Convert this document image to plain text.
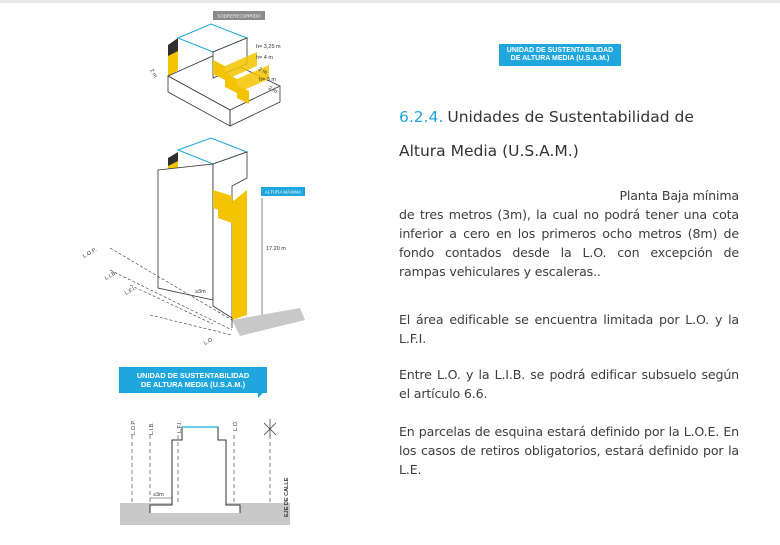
SOBRERECORRIDO
h= 3,25 m
h= 4 m
2 m
h= 3 m
2 m
2 m
ALTURA MÁXIMA
17.20 m
≥3m
L.O.P.
L.I.B.
L.F.I.
L.O.
UNIDAD DE SUSTENTABILIDAD
DE ALTURA MEDIA (U.S.A.M.)
L.O.P. L.I.B.	L.F.I.	L.O.
EJE DE CALLE
≥3m
UNIDAD DE SUSTENTABILIDAD
DE ALTURA MEDIA (U.S.A.M.)
6.2.4. Unidades de Sustentabilidad de Altura Media (U.S.A.M.)
Planta Baja mínima
de tres metros (3m), la cual no podrá tener una cota inferior a cero en los primeros ocho metros (8m) de fondo contados desde la L.O. con excepción de rampas vehiculares y escaleras..
El área edificable se encuentra limitada por L.O. y la L.F.I.
Entre L.O. y la L.I.B. se podrá edificar subsuelo según el artículo 6.6.
En parcelas de esquina estará definido por la L.O.E. En los casos de retiros obligatorios, estará definido por la L.E.
